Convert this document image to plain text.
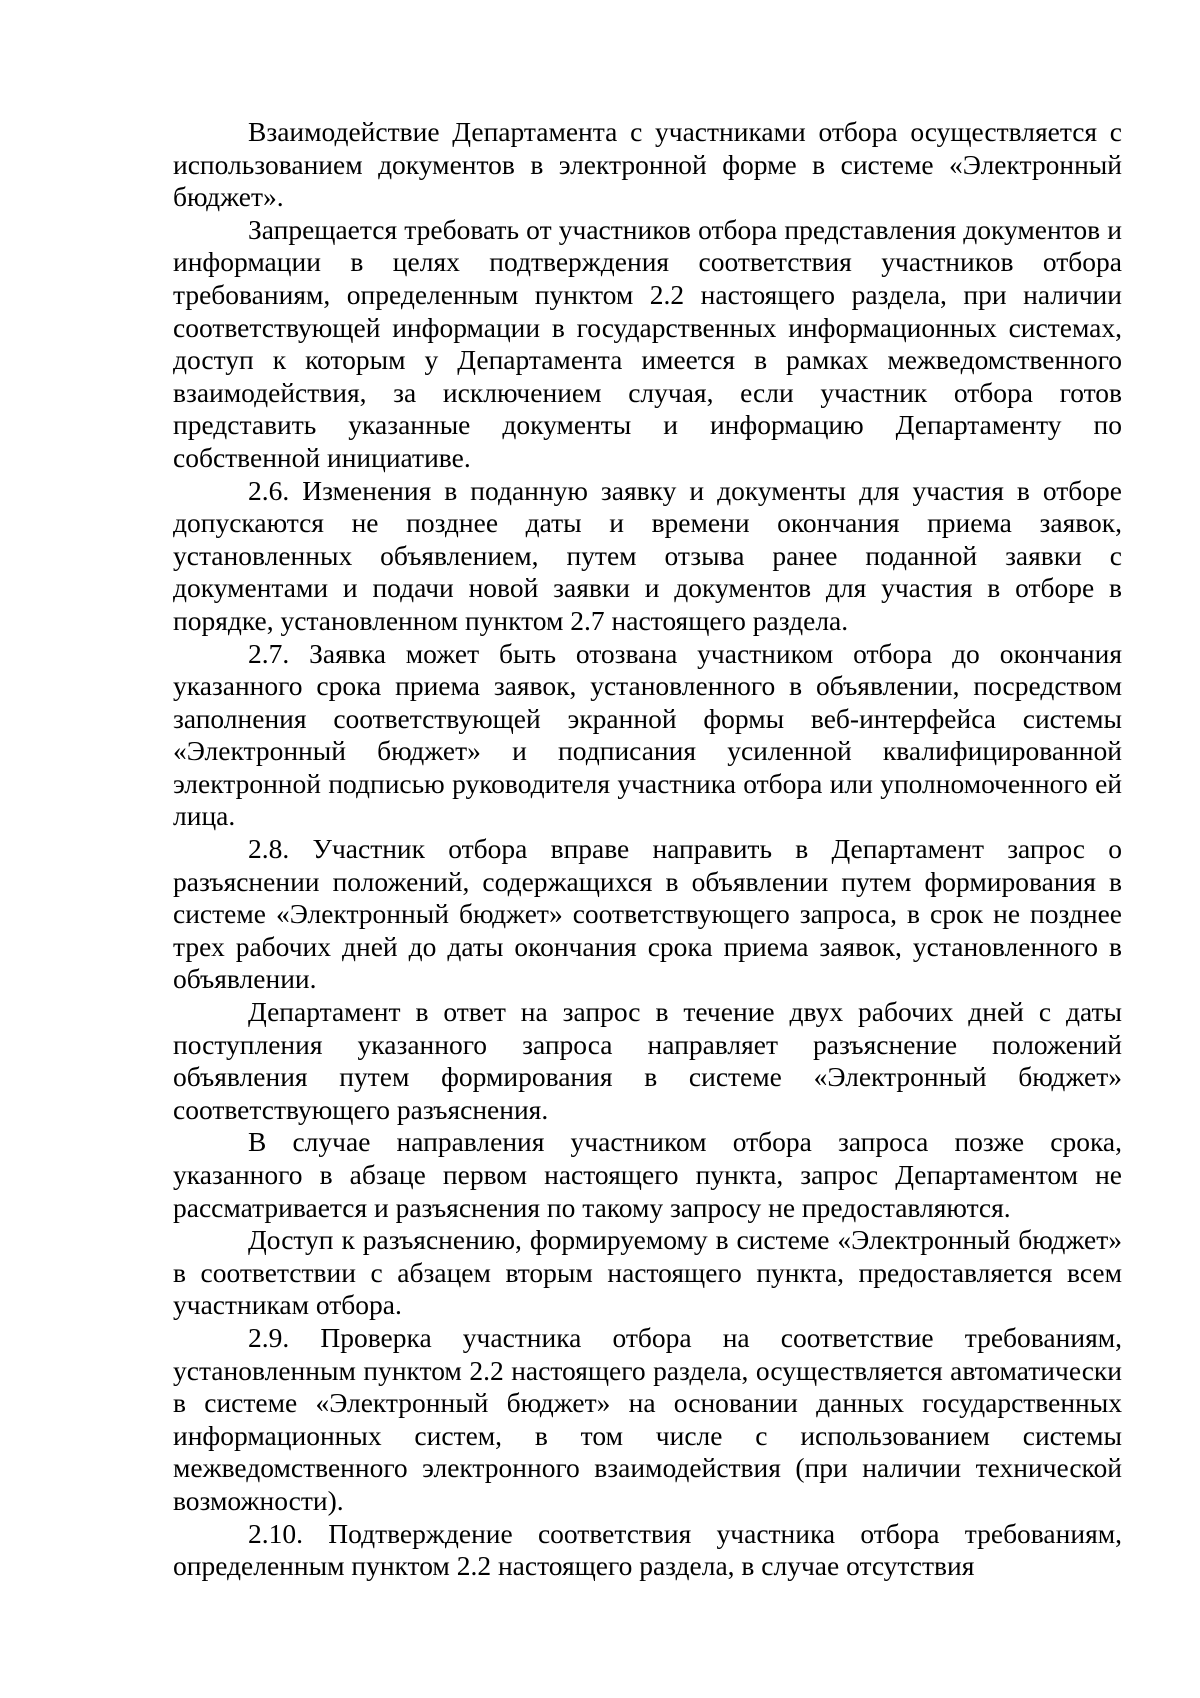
Взаимодействие Департамента с участниками отбора осуществляется с использованием документов в электронной форме в системе «Электронный бюджет».

Запрещается требовать от участников отбора представления документов и информации в целях подтверждения соответствия участников отбора требованиям, определенным пунктом 2.2 настоящего раздела, при наличии соответствующей информации в государственных информационных системах, доступ к которым у Департамента имеется в рамках межведомственного взаимодействия, за исключением случая, если участник отбора готов представить указанные документы и информацию Департаменту по собственной инициативе.

2.6. Изменения в поданную заявку и документы для участия в отборе допускаются не позднее даты и времени окончания приема заявок, установленных объявлением, путем отзыва ранее поданной заявки с документами и подачи новой заявки и документов для участия в отборе в порядке, установленном пунктом 2.7 настоящего раздела.

2.7. Заявка может быть отозвана участником отбора до окончания указанного срока приема заявок, установленного в объявлении, посредством заполнения соответствующей экранной формы веб-интерфейса системы «Электронный бюджет» и подписания усиленной квалифицированной электронной подписью руководителя участника отбора или уполномоченного ей лица.

2.8. Участник отбора вправе направить в Департамент запрос о разъяснении положений, содержащихся в объявлении путем формирования в системе «Электронный бюджет» соответствующего запроса, в срок не позднее трех рабочих дней до даты окончания срока приема заявок, установленного в объявлении.

Департамент в ответ на запрос в течение двух рабочих дней с даты поступления указанного запроса направляет разъяснение положений объявления путем формирования в системе «Электронный бюджет» соответствующего разъяснения.

В случае направления участником отбора запроса позже срока, указанного в абзаце первом настоящего пункта, запрос Департаментом не рассматривается и разъяснения по такому запросу не предоставляются.

Доступ к разъяснению, формируемому в системе «Электронный бюджет» в соответствии с абзацем вторым настоящего пункта, предоставляется всем участникам отбора.

2.9. Проверка участника отбора на соответствие требованиям, установленным пунктом 2.2 настоящего раздела, осуществляется автоматически в системе «Электронный бюджет» на основании данных государственных информационных систем, в том числе с использованием системы межведомственного электронного взаимодействия (при наличии технической возможности).

2.10. Подтверждение соответствия участника отбора требованиям, определенным пунктом 2.2 настоящего раздела, в случае отсутствия
